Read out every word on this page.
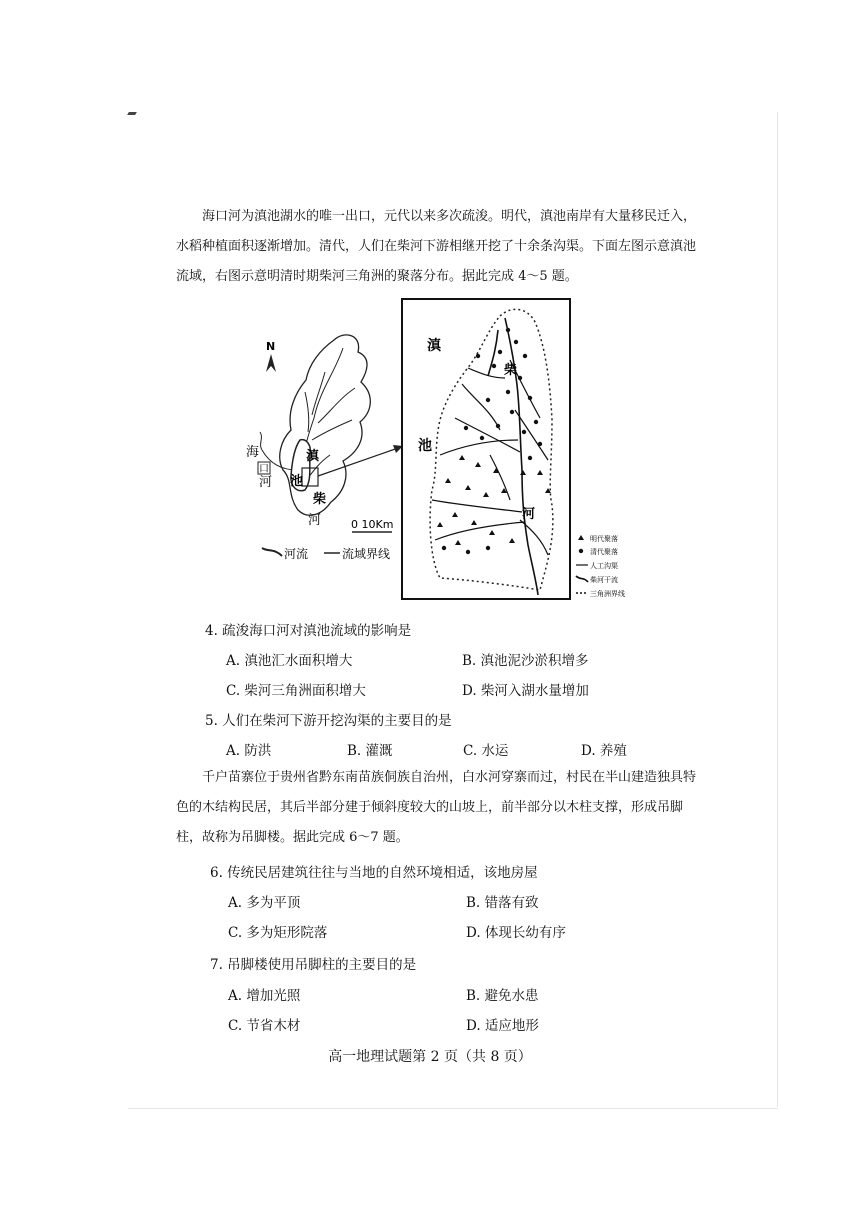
海口河为滇池湖水的唯一出口，元代以来多次疏浚。明代，滇池南岸有大量移民迁入，
水稻种植面积逐渐增加。清代，人们在柴河下游相继开挖了十余条沟渠。下面左图示意滇池
流域，右图示意明清时期柴河三角洲的聚落分布。据此完成 4～5 题。

N
海
口
河
滇
池
柴
河	0 10Km
河流	流域界线
滇
池
柴
河
明代聚落
清代聚落
人工沟渠
柴河干流
三角洲界线

4. 疏浚海口河对滇池流域的影响是

A. 滇池汇水面积增大	B. 滇池泥沙淤积增多

C. 柴河三角洲面积增大	D. 柴河入湖水量增加

5. 人们在柴河下游开挖沟渠的主要目的是

A. 防洪	B. 灌溉	C. 水运	D. 养殖

千户苗寨位于贵州省黔东南苗族侗族自治州，白水河穿寨而过，村民在半山建造独具特
色的木结构民居，其后半部分建于倾斜度较大的山坡上，前半部分以木柱支撑，形成吊脚
柱，故称为吊脚楼。据此完成 6～7 题。

6. 传统民居建筑往往与当地的自然环境相适，该地房屋

A. 多为平顶	B. 错落有致

C. 多为矩形院落	D. 体现长幼有序

7. 吊脚楼使用吊脚柱的主要目的是

A. 增加光照	B. 避免水患

C. 节省木材	D. 适应地形

高一地理试题第 2 页（共 8 页）
